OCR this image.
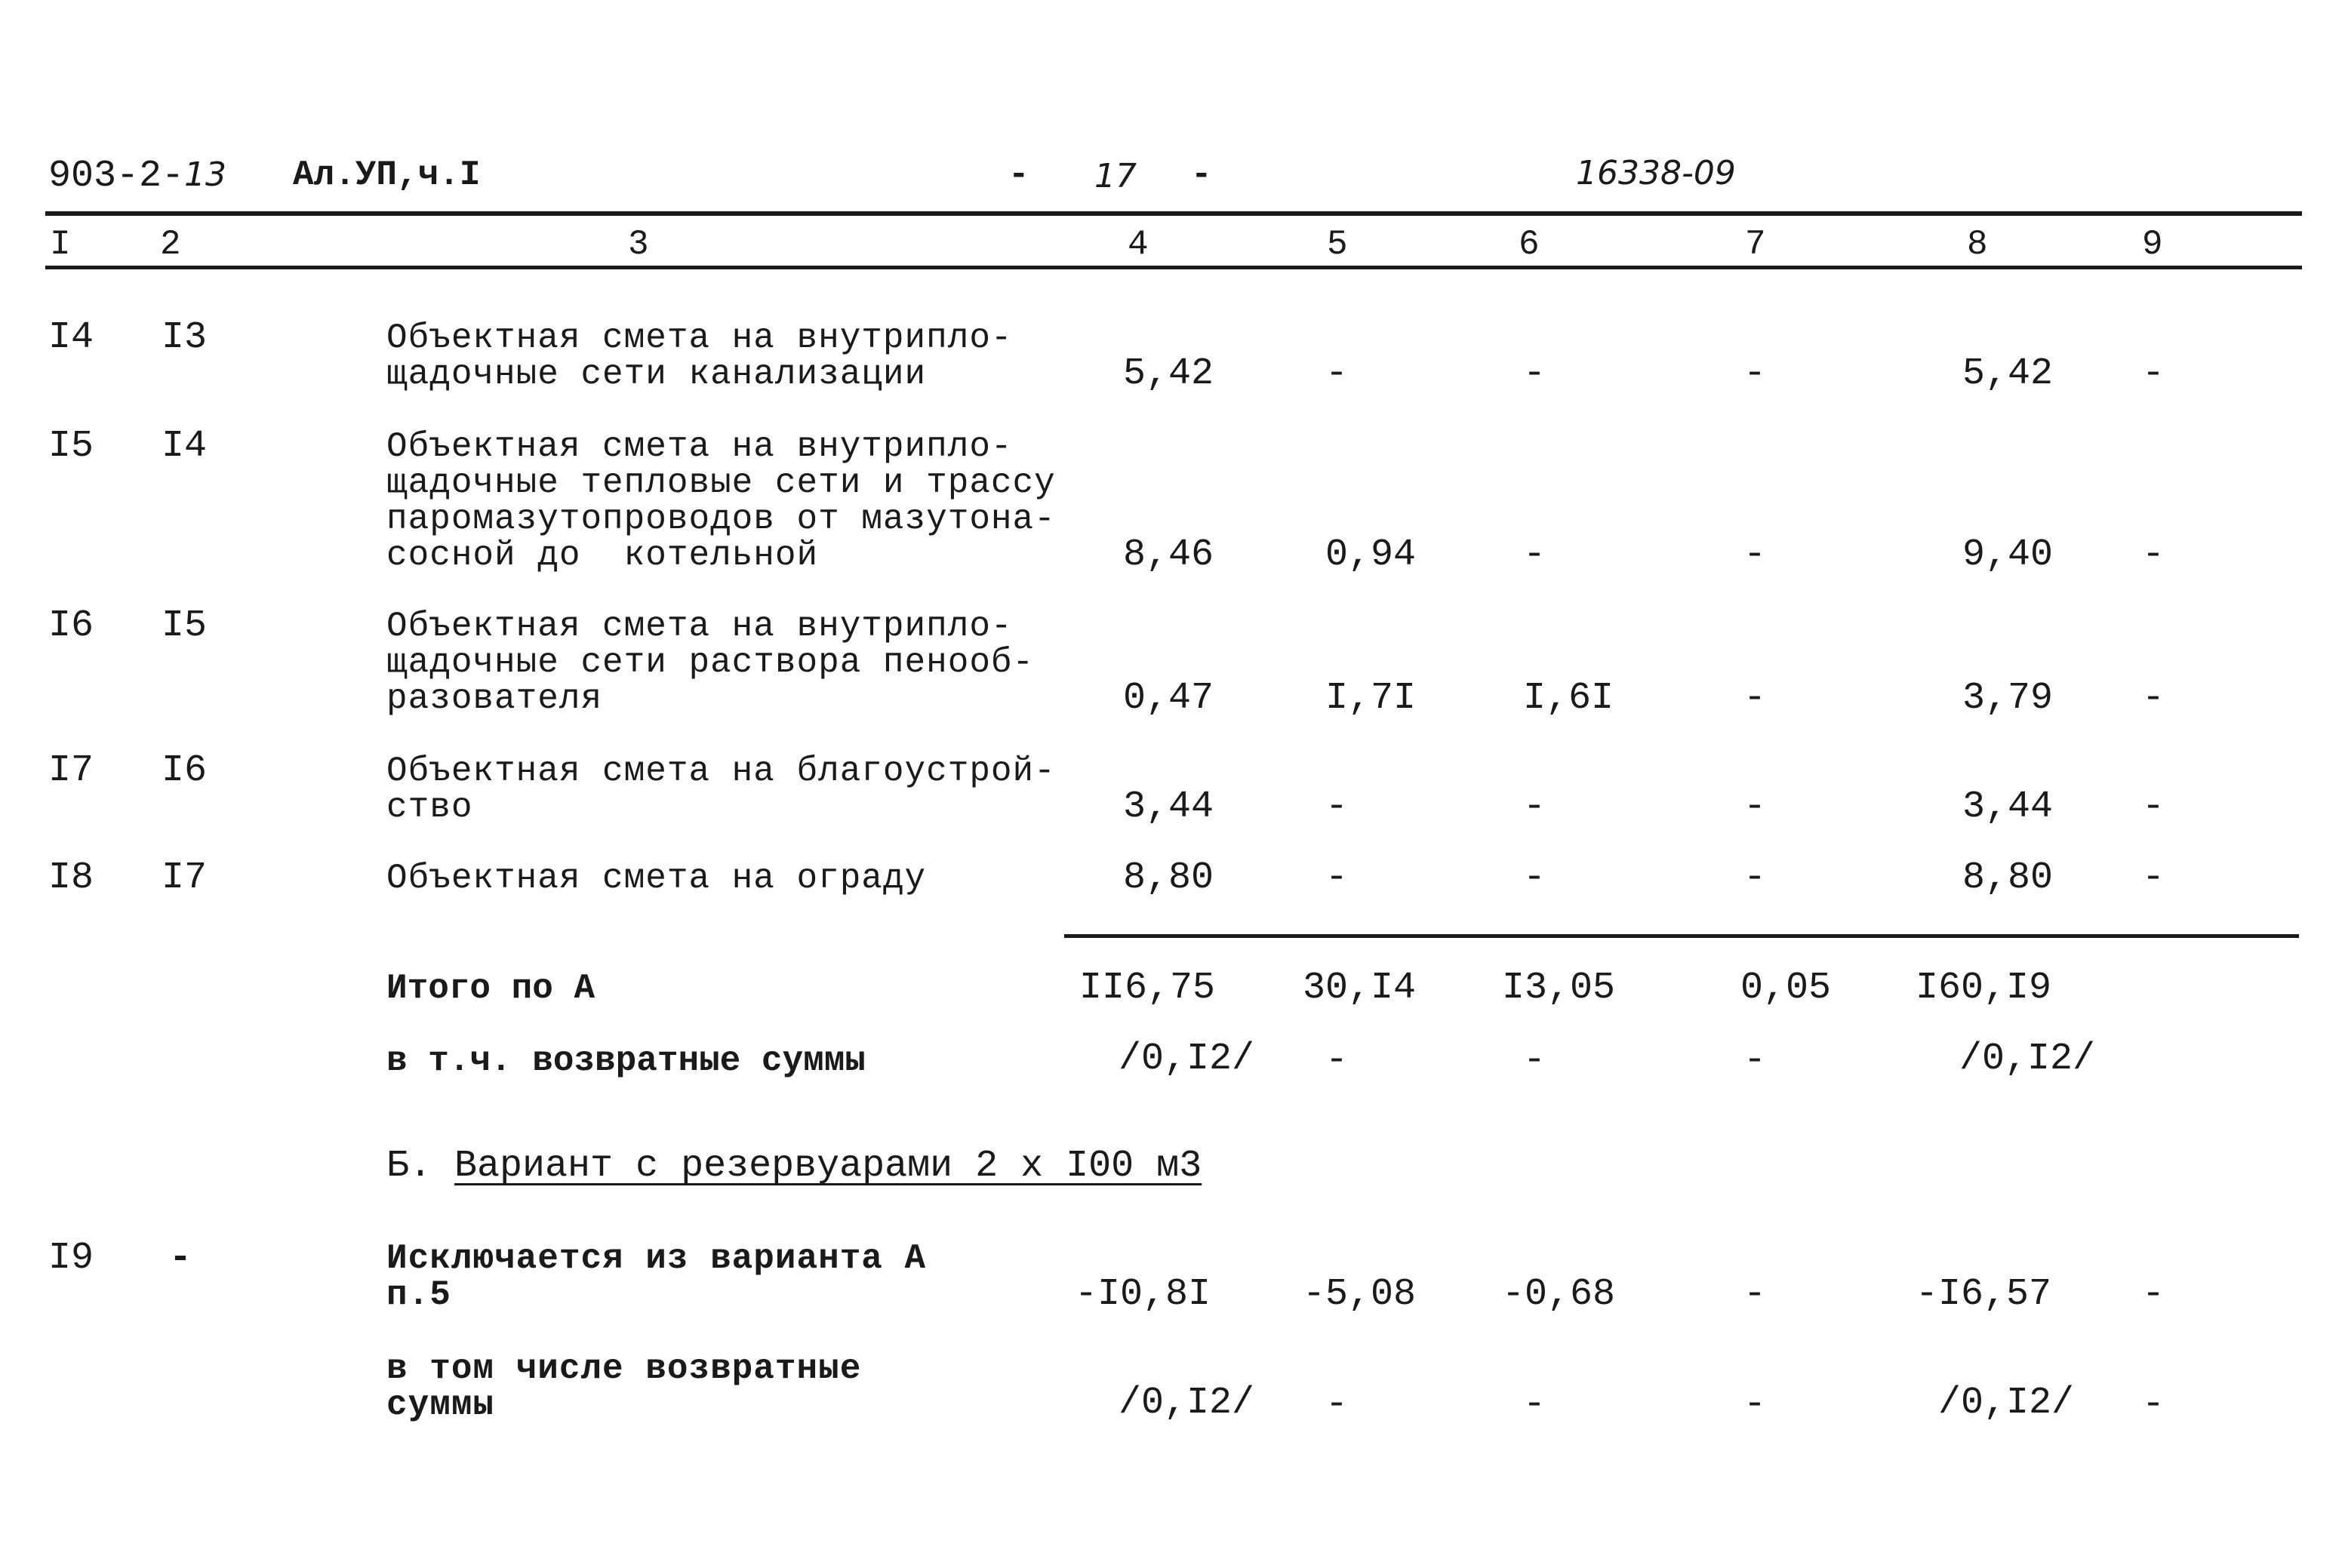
903-2-13 Ал.УП,ч.I	- 17 -	16338-09
I	2	3	4	5	6	7	8	9
I4 I3	Объектная смета на внутрипло-
щадочные сети канализации	5,42	-	-	-	5,42 -
I5 I4	Объектная смета на внутрипло-
щадочные тепловые сети и трассу
паромазутопроводов от мазутона-
сосной до  котельной	8,46	0,94	-	-	9,40 -
I6 I5	Объектная смета на внутрипло-
щадочные сети раствора пенооб-
разователя	0,47	I,7I	I,6I	-	3,79 -
I7 I6	Объектная смета на благоустрой-
ство	3,44	-	-	-	3,44 -
I8 I7	Объектная смета на ограду	8,80	-	-	-	8,80 -
Итого по А	II6,75 30,I4 I3,05	0,05 I60,I9
в т.ч. возвратные суммы	/0,I2/ -	-	-	/0,I2/
Б. Вариант с резервуарами 2 x I00 м3
I9 -	Исключается из варианта А
п.5	-I0,8I -5,08 -0,68	-	-I6,57 -
в том числе возвратные
суммы	/0,I2/ -	-	-	/0,I2/ -
